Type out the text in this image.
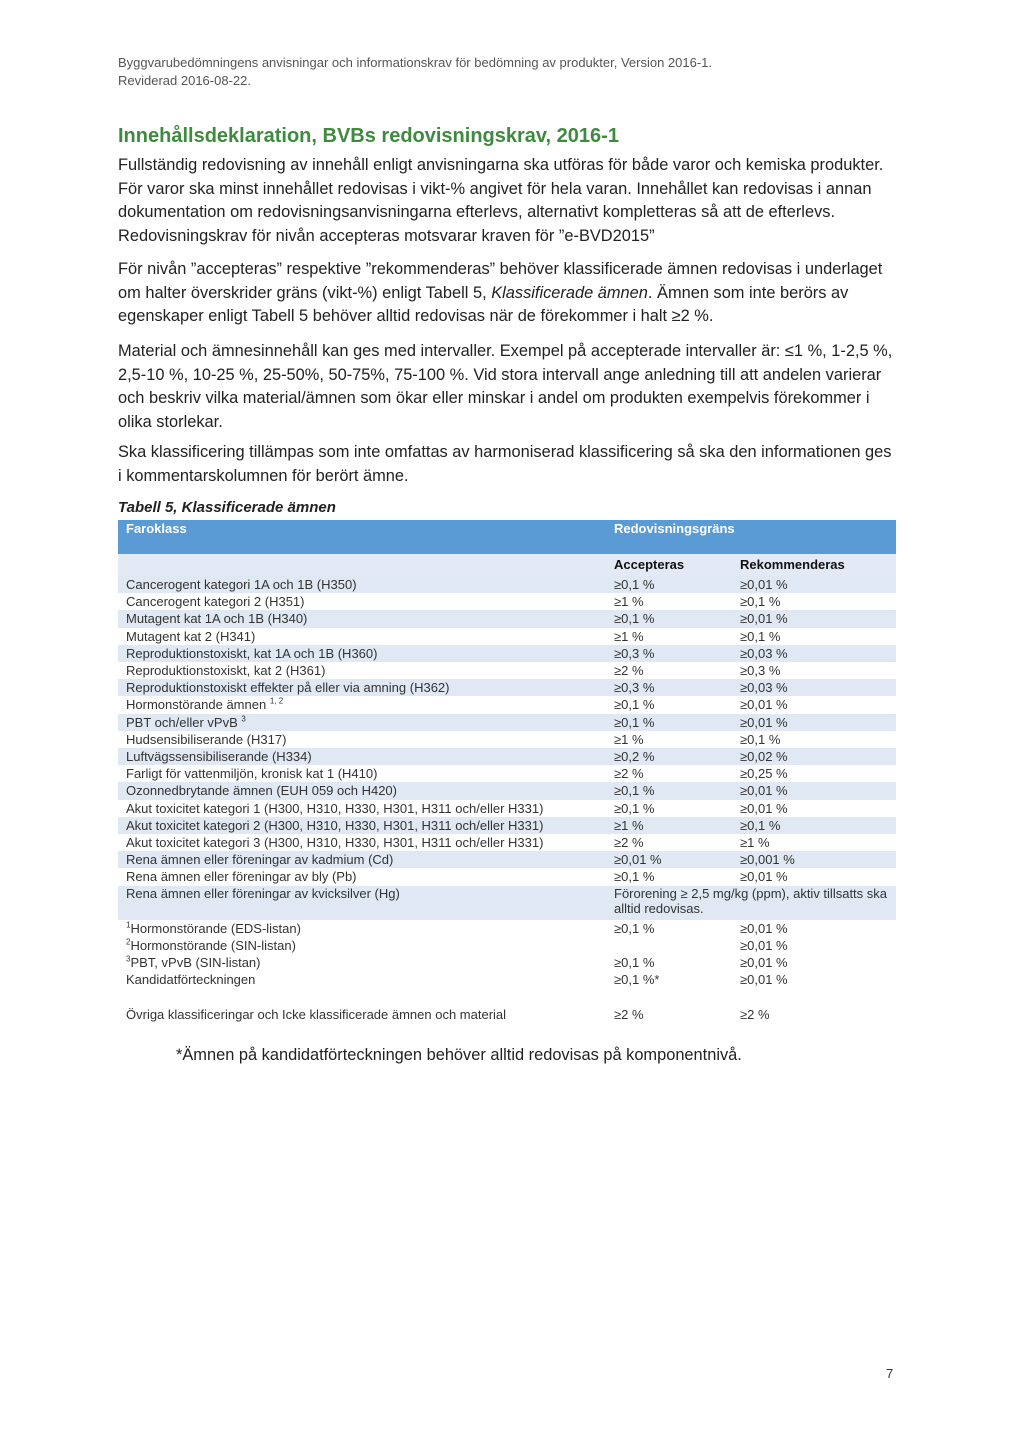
Byggvarubedömningens anvisningar och informationskrav för bedömning av produkter, Version 2016-1.
Reviderad 2016-08-22.
Innehållsdeklaration, BVBs redovisningskrav, 2016-1
Fullständig redovisning av innehåll enligt anvisningarna ska utföras för både varor och kemiska produkter. För varor ska minst innehållet redovisas i vikt-% angivet för hela varan. Innehållet kan redovisas i annan dokumentation om redovisningsanvisningarna efterlevs, alternativt kompletteras så att de efterlevs. Redovisningskrav för nivån accepteras motsvarar kraven för ”e-BVD2015”
För nivån ”accepteras” respektive ”rekommenderas” behöver klassificerade ämnen redovisas i underlaget om halter överskrider gräns (vikt-%) enligt Tabell 5, Klassificerade ämnen. Ämnen som inte berörs av egenskaper enligt Tabell 5 behöver alltid redovisas när de förekommer i halt ≥2 %.
Material och ämnesinnehåll kan ges med intervaller. Exempel på accepterade intervaller är: ≤1 %, 1-2,5 %, 2,5-10 %, 10-25 %, 25-50%, 50-75%, 75-100 %. Vid stora intervall ange anledning till att andelen varierar och beskriv vilka material/ämnen som ökar eller minskar i andel om produkten exempelvis förekommer i olika storlekar.
Ska klassificering tillämpas som inte omfattas av harmoniserad klassificering så ska den informationen ges i kommentarskolumnen för berört ämne.
Tabell 5, Klassificerade ämnen
Faroklass	Redovisningsgräns	
	Accepteras	Rekommenderas
Cancerogent kategori 1A och 1B (H350)	≥0,1 %	≥0,01 %
Cancerogent kategori 2 (H351)	≥1 %	≥0,1 %
Mutagent kat 1A och 1B (H340)	≥0,1 %	≥0,01 %
Mutagent kat 2 (H341)	≥1 %	≥0,1 %
Reproduktionstoxiskt, kat 1A och 1B (H360)	≥0,3 %	≥0,03 %
Reproduktionstoxiskt, kat 2 (H361)	≥2 %	≥0,3 %
Reproduktionstoxiskt effekter på eller via amning (H362)	≥0,3 %	≥0,03 %
Hormonstörande ämnen $^{1, 2}$	≥0,1 %	≥0,01 %
PBT och/eller vPvB $^3$	≥0,1 %	≥0,01 %
Hudsensibiliserande (H317)	≥1 %	≥0,1 %
Luftvägssensibiliserande (H334)	≥0,2 %	≥0,02 %
Farligt för vattenmiljön, kronisk kat 1 (H410)	≥2 %	≥0,25 %
Ozonnedbrytande ämnen (EUH 059 och H420)	≥0,1 %	≥0,01 %
Akut toxicitet kategori 1 (H300, H310, H330, H301, H311 och/eller H331)	≥0,1 %	≥0,01 %
Akut toxicitet kategori 2 (H300, H310, H330, H301, H311 och/eller H331)	≥1 %	≥0,1 %
Akut toxicitet kategori 3 (H300, H310, H330, H301, H311 och/eller H331)	≥2 %	≥1 %
Rena ämnen eller föreningar av kadmium (Cd)	≥0,01 %	≥0,001 %
Rena ämnen eller föreningar av bly (Pb)	≥0,1 %	≥0,01 %
Rena ämnen eller föreningar av kvicksilver (Hg)	Förorening ≥ 2,5 mg/kg (ppm), aktiv tillsatts ska alltid redovisas.	
$^1$Hormonstörande (EDS-listan)	≥0,1 %	≥0,01 %
$^2$Hormonstörande (SIN-listan)		≥0,01 %
$^3$PBT, vPvB (SIN-listan)	≥0,1 %	≥0,01 %
Kandidatförteckningen	≥0,1 %*	≥0,01 %

Övriga klassificeringar och Icke klassificerade ämnen och material	≥2 %	≥2 %
*Ämnen på kandidatförteckningen behöver alltid redovisas på komponentnivå.
7
